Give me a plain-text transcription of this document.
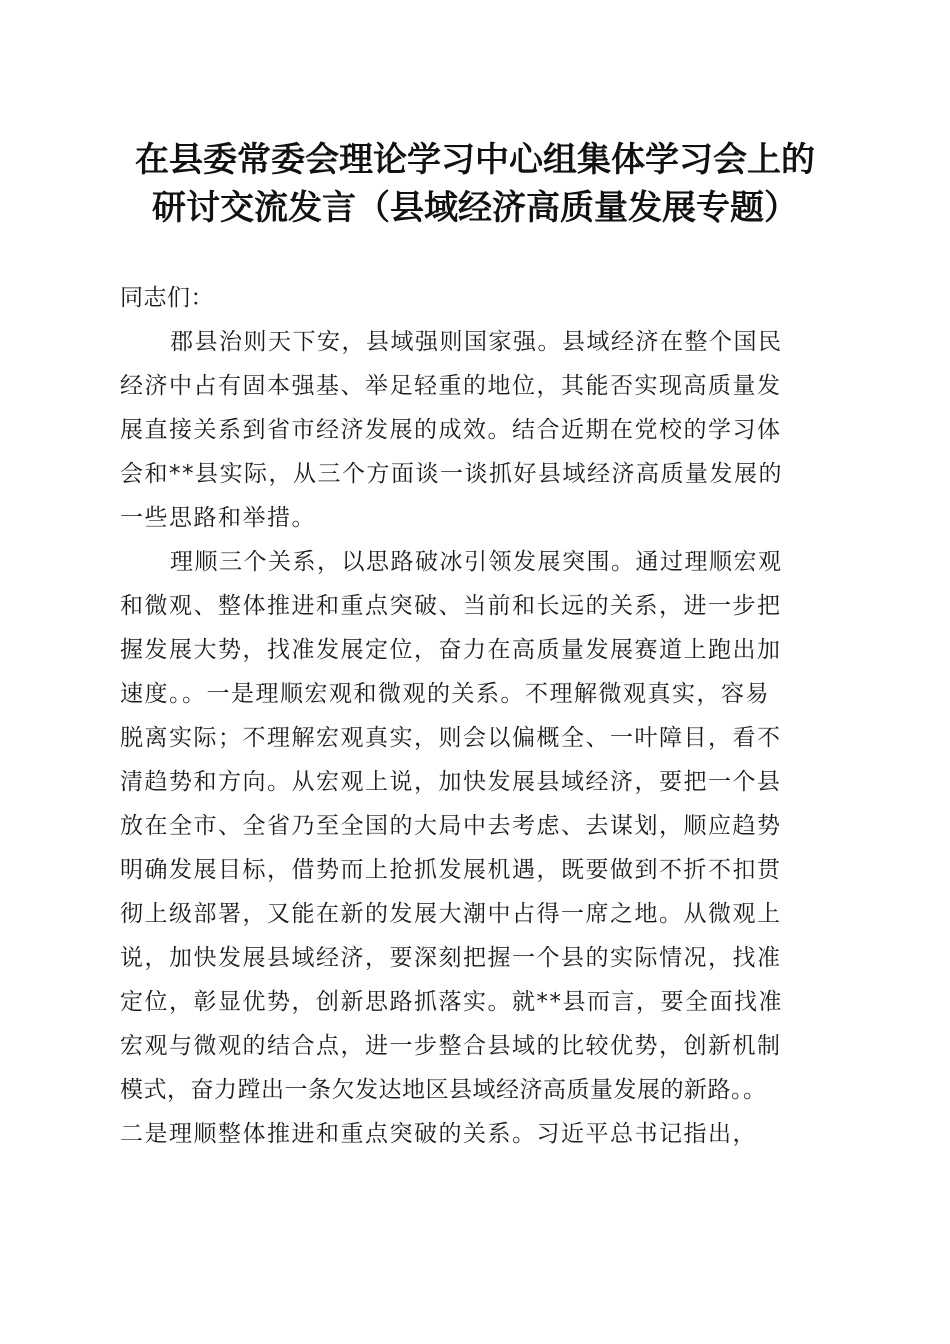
在县委常委会理论学习中心组集体学习会上的
研讨交流发言（县域经济高质量发展专题）
同志们：
郡县治则天下安，县域强则国家强。县域经济在整个国民
经济中占有固本强基、举足轻重的地位，其能否实现高质量发
展直接关系到省市经济发展的成效。结合近期在党校的学习体
会和**县实际，从三个方面谈一谈抓好县域经济高质量发展的
一些思路和举措。
理顺三个关系，以思路破冰引领发展突围。通过理顺宏观
和微观、整体推进和重点突破、当前和长远的关系，进一步把
握发展大势，找准发展定位，奋力在高质量发展赛道上跑出加
速度。。一是理顺宏观和微观的关系。不理解微观真实，容易
脱离实际；不理解宏观真实，则会以偏概全、一叶障目，看不
清趋势和方向。从宏观上说，加快发展县域经济，要把一个县
放在全市、全省乃至全国的大局中去考虑、去谋划，顺应趋势
明确发展目标，借势而上抢抓发展机遇，既要做到不折不扣贯
彻上级部署，又能在新的发展大潮中占得一席之地。从微观上
说，加快发展县域经济，要深刻把握一个县的实际情况，找准
定位，彰显优势，创新思路抓落实。就**县而言，要全面找准
宏观与微观的结合点，进一步整合县域的比较优势，创新机制
模式，奋力蹚出一条欠发达地区县域经济高质量发展的新路。。
二是理顺整体推进和重点突破的关系。习近平总书记指出，
